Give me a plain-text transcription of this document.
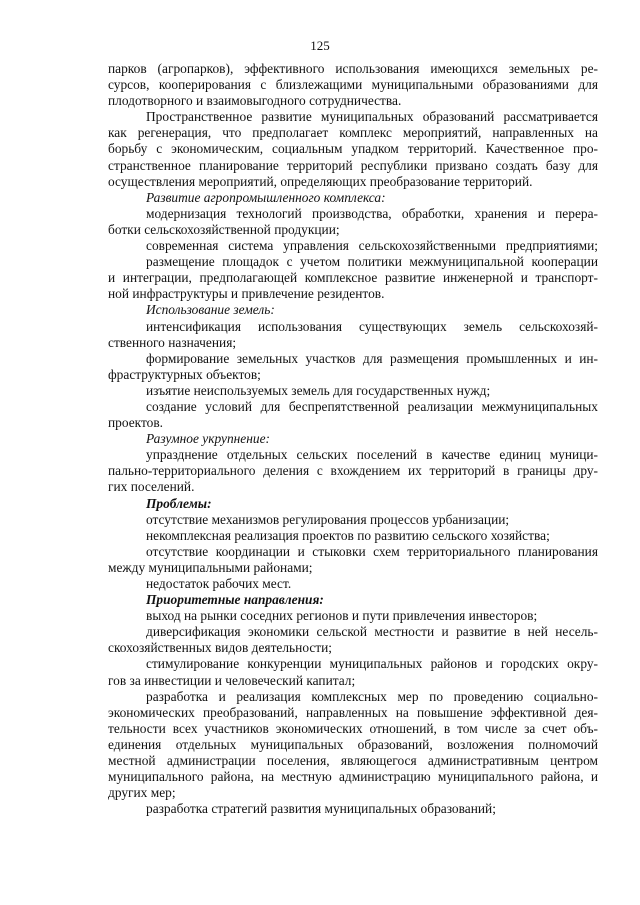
125
парков (агропарков), эффективного использования имеющихся земельных ре-
сурсов, кооперирования с близлежащими муниципальными образованиями для
плодотворного и взаимовыгодного сотрудничества.
Пространственное развитие муниципальных образований рассматривается
как регенерация, что предполагает комплекс мероприятий, направленных на
борьбу с экономическим, социальным упадком территорий. Качественное про-
странственное планирование территорий республики призвано создать базу для
осуществления мероприятий, определяющих преобразование территорий.
Развитие агропромышленного комплекса:
модернизация технологий производства, обработки, хранения и перера-
ботки сельскохозяйственной продукции;
современная система управления сельскохозяйственными предприятиями;
размещение площадок с учетом политики межмуниципальной кооперации
и интеграции, предполагающей комплексное развитие инженерной и транспорт-
ной инфраструктуры и привлечение резидентов.
Использование земель:
интенсификация использования существующих земель сельскохозяй-
ственного назначения;
формирование земельных участков для размещения промышленных и ин-
фраструктурных объектов;
изъятие неиспользуемых земель для государственных нужд;
создание условий для беспрепятственной реализации межмуниципальных
проектов.
Разумное укрупнение:
упразднение отдельных сельских поселений в качестве единиц муници-
пально-территориального деления с вхождением их территорий в границы дру-
гих поселений.
Проблемы:
отсутствие механизмов регулирования процессов урбанизации;
некомплексная реализация проектов по развитию сельского хозяйства;
отсутствие координации и стыковки схем территориального планирования
между муниципальными районами;
недостаток рабочих мест.
Приоритетные направления:
выход на рынки соседних регионов и пути привлечения инвесторов;
диверсификация экономики сельской местности и развитие в ней несель-
скохозяйственных видов деятельности;
стимулирование конкуренции муниципальных районов и городских окру-
гов за инвестиции и человеческий капитал;
разработка и реализация комплексных мер по проведению социально-
экономических преобразований, направленных на повышение эффективной дея-
тельности всех участников экономических отношений, в том числе за счет объ-
единения отдельных муниципальных образований, возложения полномочий
местной администрации поселения, являющегося административным центром
муниципального района, на местную администрацию муниципального района, и
других мер;
разработка стратегий развития муниципальных образований;
